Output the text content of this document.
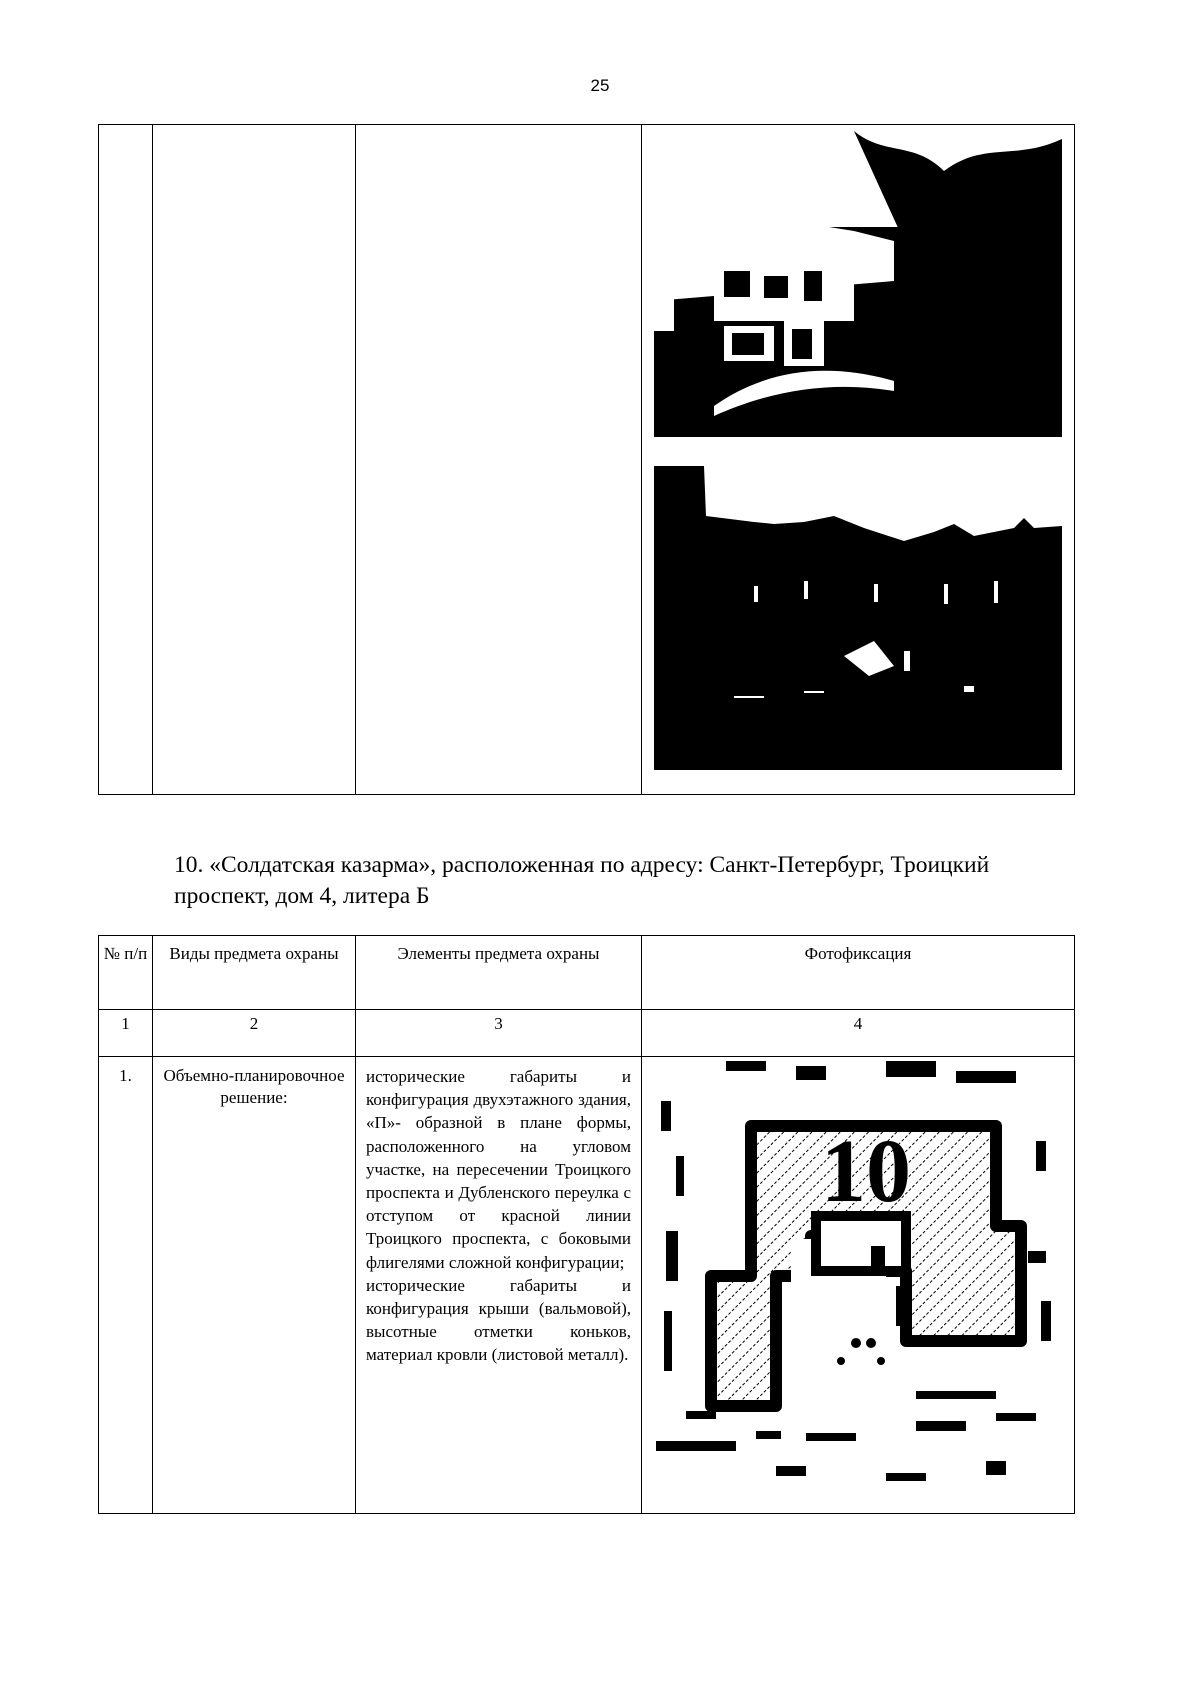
25

10. «Солдатская казарма», расположенная по адресу: Санкт-Петербург, Троицкий проспект, дом 4, литера Б
№ п/п	Виды предмета охраны	Элементы предмета охраны	Фотофиксация
1	2	3	4
1.	Объемно-планировочное решение:	исторические габариты и конфигурация двухэтажного здания, «П»- образной в плане формы, расположенного на угловом участке, на пересечении Троицкого проспекта и Дубленского переулка с отступом от красной линии Троицкого проспекта, с боковыми флигелями сложной конфигурации;

исторические габариты и конфигурация крыши (вальмовой), высотные отметки коньков, материал кровли (листовой металл).	10
